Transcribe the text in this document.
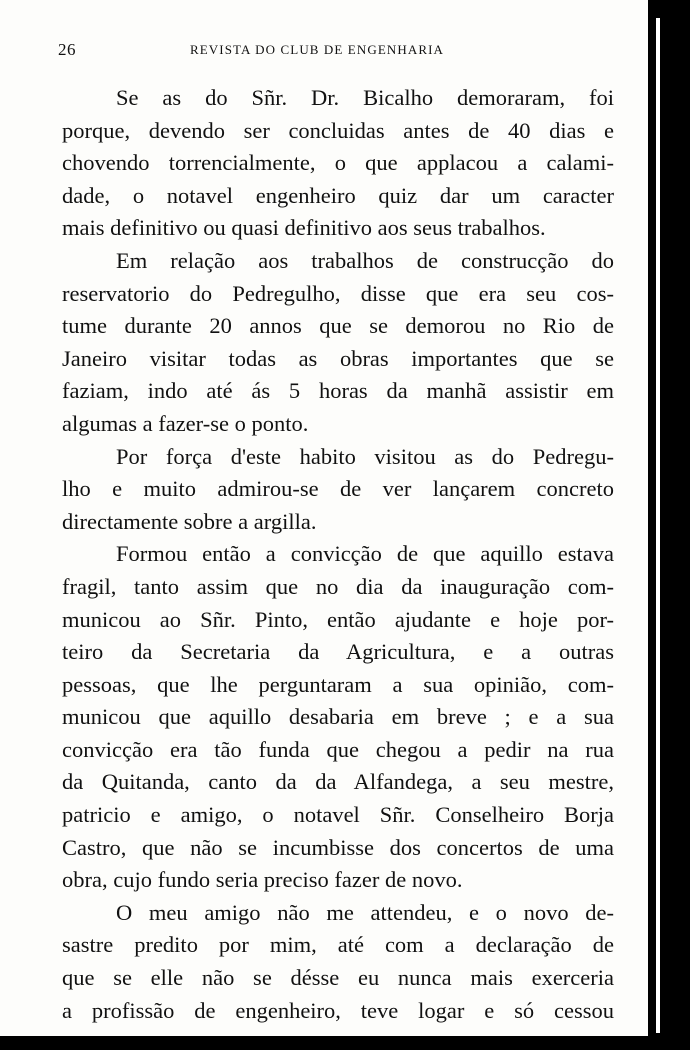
26	REVISTA DO CLUB DE ENGENHARIA
Se as do Sñr. Dr. Bicalho demoraram, foi
porque, devendo ser concluidas antes de 40 dias e
chovendo torrencialmente, o que applacou a calami-
dade, o notavel engenheiro quiz dar um caracter
mais definitivo ou quasi definitivo aos seus trabalhos.
Em relação aos trabalhos de construcção do
reservatorio do Pedregulho, disse que era seu cos-
tume durante 20 annos que se demorou no Rio de
Janeiro visitar todas as obras importantes que se
faziam, indo até ás 5 horas da manhã assistir em
algumas a fazer-se o ponto.
Por força d'este habito visitou as do Pedregu-
lho e muito admirou-se de ver lançarem concreto
directamente sobre a argilla.
Formou então a convicção de que aquillo estava
fragil, tanto assim que no dia da inauguração com-
municou ao Sñr. Pinto, então ajudante e hoje por-
teiro da Secretaria da Agricultura, e a outras
pessoas, que lhe perguntaram a sua opinião, com-
municou que aquillo desabaria em breve ; e a sua
convicção era tão funda que chegou a pedir na rua
da Quitanda, canto da da Alfandega, a seu mestre,
patricio e amigo, o notavel Sñr. Conselheiro Borja
Castro, que não se incumbisse dos concertos de uma
obra, cujo fundo seria preciso fazer de novo.
O meu amigo não me attendeu, e o novo de-
sastre predito por mim, até com a declaração de
que se elle não se désse eu nunca mais exerceria
a profissão de engenheiro, teve logar e só cessou
